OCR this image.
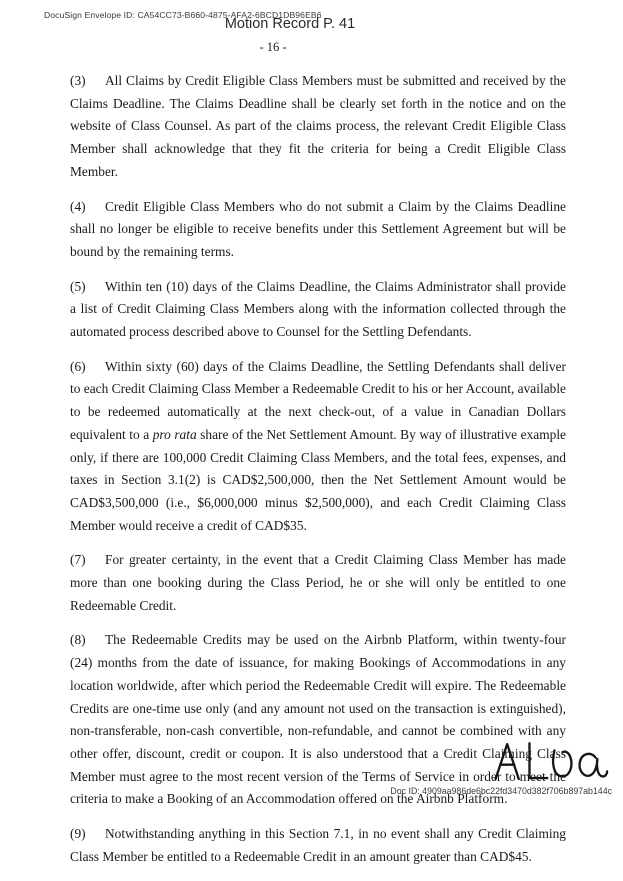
DocuSign Envelope ID: CA54CC73-B660-4875-AFA2-6BCD1DB96EB6
Motion Record P. 41
- 16 -

(3) All Claims by Credit Eligible Class Members must be submitted and received by the Claims Deadline. The Claims Deadline shall be clearly set forth in the notice and on the website of Class Counsel. As part of the claims process, the relevant Credit Eligible Class Member shall acknowledge that they fit the criteria for being a Credit Eligible Class Member.

(4) Credit Eligible Class Members who do not submit a Claim by the Claims Deadline shall no longer be eligible to receive benefits under this Settlement Agreement but will be bound by the remaining terms.

(5) Within ten (10) days of the Claims Deadline, the Claims Administrator shall provide a list of Credit Claiming Class Members along with the information collected through the automated process described above to Counsel for the Settling Defendants.

(6) Within sixty (60) days of the Claims Deadline, the Settling Defendants shall deliver to each Credit Claiming Class Member a Redeemable Credit to his or her Account, available to be redeemed automatically at the next check-out, of a value in Canadian Dollars equivalent to a pro rata share of the Net Settlement Amount. By way of illustrative example only, if there are 100,000 Credit Claiming Class Members, and the total fees, expenses, and taxes in Section 3.1(2) is CAD$2,500,000, then the Net Settlement Amount would be CAD$3,500,000 (i.e., $6,000,000 minus $2,500,000), and each Credit Claiming Class Member would receive a credit of CAD$35.

(7) For greater certainty, in the event that a Credit Claiming Class Member has made more than one booking during the Class Period, he or she will only be entitled to one Redeemable Credit.

(8) The Redeemable Credits may be used on the Airbnb Platform, within twenty-four (24) months from the date of issuance, for making Bookings of Accommodations in any location worldwide, after which period the Redeemable Credit will expire. The Redeemable Credits are one-time use only (and any amount not used on the transaction is extinguished), non-transferable, non-cash convertible, non-refundable, and cannot be combined with any other offer, discount, credit or coupon. It is also understood that a Credit Claiming Class Member must agree to the most recent version of the Terms of Service in order to meet the criteria to make a Booking of an Accommodation offered on the Airbnb Platform.

(9) Notwithstanding anything in this Section 7.1, in no event shall any Credit Claiming Class Member be entitled to a Redeemable Credit in an amount greater than CAD$45.

Doc ID: 4909aa986de6bc22fd3470d382f706b897ab144c
